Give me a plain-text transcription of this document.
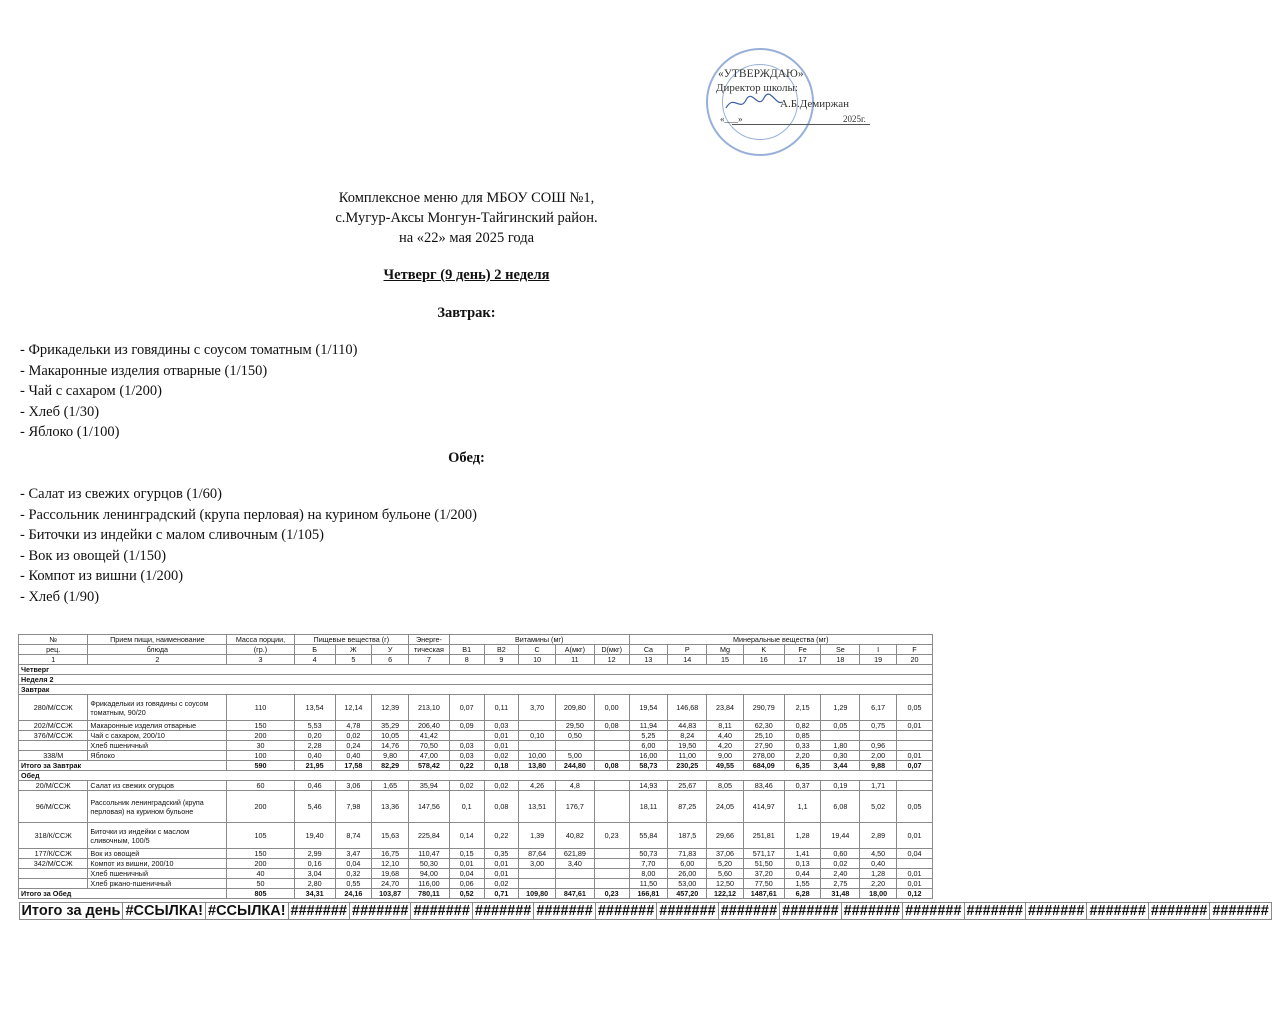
«УТВЕРЖДАЮ»
Директор школы:
А.Б.Демиржан
«___»	2025г.
Комплексное меню для МБОУ СОШ №1,
с.Мугур-Аксы Монгун-Тайгинский район.
на «22» мая 2025 года
Четверг (9 день) 2 неделя
Завтрак:
- Фрикадельки из говядины с соусом томатным (1/110)
- Макаронные изделия отварные (1/150)
- Чай с сахаром (1/200)
- Хлеб (1/30)
- Яблоко (1/100)
Обед:
- Салат из свежих огурцов (1/60)
- Рассольник ленинградский (крупа перловая) на курином бульоне (1/200)
- Биточки из индейки с малом сливочным (1/105)
- Вок из овощей (1/150)
- Компот из вишни (1/200)
- Хлеб (1/90)
№	Прием пищи, наименование	Масса порции,	Пищевые вещества (г)	Энерге-	Витамины (мг)	Минеральные вещества (мг)
рец.	блюда	(гр.)	Б	Ж	У	тическая	B1	B2	C	A(мкг)	D(мкг)	Ca	P	Mg	K	Fe	Se	I	F
1	2	3	4	5	6	7	8	9	10	11	12	13	14	15	16	17	18	19	20
Четверг
Неделя 2
Завтрак
280/М/ССЖ	Фрикадельки из говядины с соусом томатным, 90/20	110	13,54	12,14	12,39	213,10	0,07	0,11	3,70	209,80	0,00	19,54	146,68	23,84	290,79	2,15	1,29	6,17	0,05
202/М/ССЖ	Макаронные изделия отварные	150	5,53	4,78	35,29	206,40	0,09	0,03		29,50	0,08	11,94	44,83	8,11	62,30	0,82	0,05	0,75	0,01
376/М/ССЖ	Чай с сахаром, 200/10	200	0,20	0,02	10,05	41,42		0,01	0,10	0,50		5,25	8,24	4,40	25,10	0,85			
	Хлеб пшеничный	30	2,28	0,24	14,76	70,50	0,03	0,01				6,00	19,50	4,20	27,90	0,33	1,80	0,96	
338/М	Яблоко	100	0,40	0,40	9,80	47,00	0,03	0,02	10,00	5,00		16,00	11,00	9,00	278,00	2,20	0,30	2,00	0,01
Итого за Завтрак	590	21,95	17,58	82,29	578,42	0,22	0,18	13,80	244,80	0,08	58,73	230,25	49,55	684,09	6,35	3,44	9,88	0,07
Обед
20/М/ССЖ	Салат из свежих огурцов	60	0,46	3,06	1,65	35,94	0,02	0,02	4,26	4,8		14,93	25,67	8,05	83,46	0,37	0,19	1,71	
96/М/ССЖ	Рассольник ленинградский (крупа перловая) на курином бульоне	200	5,46	7,98	13,36	147,56	0,1	0,08	13,51	176,7		18,11	87,25	24,05	414,97	1,1	6,08	5,02	0,05
318/К/ССЖ	Биточки из индейки с маслом сливочным, 100/5	105	19,40	8,74	15,63	225,84	0,14	0,22	1,39	40,82	0,23	55,84	187,5	29,66	251,81	1,28	19,44	2,89	0,01
177/К/ССЖ	Вок из овощей	150	2,99	3,47	16,75	110,47	0,15	0,35	87,64	621,89		50,73	71,83	37,06	571,17	1,41	0,60	4,50	0,04
342/М/ССЖ	Компот из вишни, 200/10	200	0,16	0,04	12,10	50,30	0,01	0,01	3,00	3,40		7,70	6,00	5,20	51,50	0,13	0,02	0,40	
	Хлеб пшеничный	40	3,04	0,32	19,68	94,00	0,04	0,01				8,00	26,00	5,60	37,20	0,44	2,40	1,28	0,01
	Хлеб ржано-пшеничный	50	2,80	0,55	24,70	116,00	0,06	0,02				11,50	53,00	12,50	77,50	1,55	2,75	2,20	0,01
Итого за Обед	805	34,31	24,16	103,87	780,11	0,52	0,71	109,80	847,61	0,23	166,81	457,20	122,12	1487,61	6,28	31,48	18,00	0,12

Итого за день	#ССЫЛКА!	#ССЫЛКА!	#######	#######	#######	#######	#######	#######	#######	#######	#######	#######	#######	#######	#######	#######	#######	#######
